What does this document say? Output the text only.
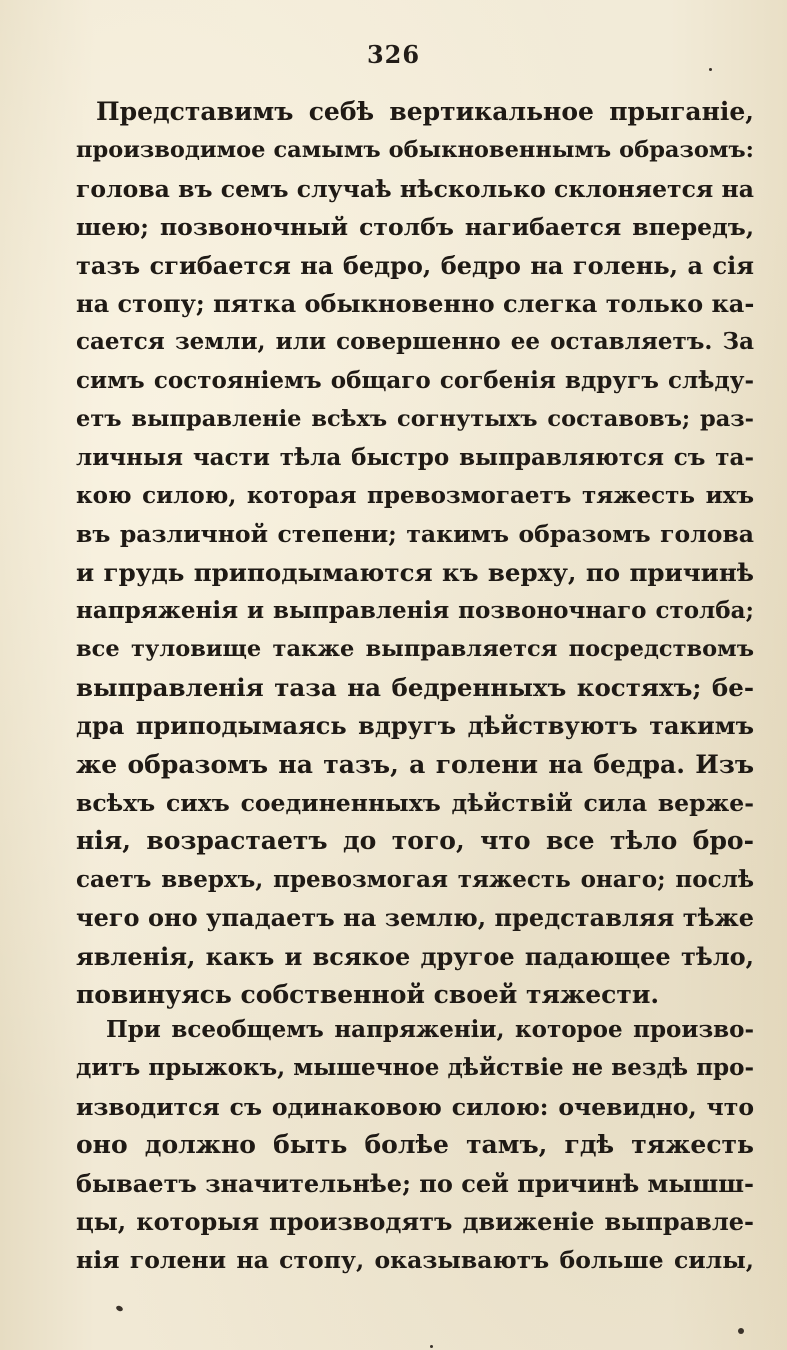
326
Представимъ себѣ вертикальное прыганіе,
производимое самымъ обыкновеннымъ образомъ:
голова въ семъ случаѣ нѣсколько склоняется на
шею; позвоночный столбъ нагибается впередъ,
тазъ сгибается на бедро, бедро на голень, а сія
на стопу; пятка обыкновенно слегка только ка-
сается земли, или совершенно ее оставляетъ. За
симъ состояніемъ общаго согбенія вдругъ слѣду-
етъ выправленіе всѣхъ согнутыхъ составовъ; раз-
личныя части тѣла быстро выправляются съ та-
кою силою, которая превозмогаетъ тяжесть ихъ
въ различной степени; такимъ образомъ голова
и грудь приподымаются къ верху, по причинѣ
напряженія и выправленія позвоночнаго столба;
все туловище также выправляется посредствомъ
выправленія таза на бедренныхъ костяхъ; бе-
дра приподымаясь вдругъ дѣйствуютъ такимъ
же образомъ на тазъ, а голени на бедра. Изъ
всѣхъ сихъ соединенныхъ дѣйствій сила верже-
нія, возрастаетъ до того, что все тѣло бро-
саетъ вверхъ, превозмогая тяжесть онаго; послѣ
чего оно упадаетъ на землю, представляя тѣже
явленія, какъ и всякое другое падающее тѣло,
повинуясь собственной своей тяжести.
При всеобщемъ напряженіи, которое произво-
дитъ прыжокъ, мышечное дѣйствіе не вездѣ про-
изводится съ одинаковою силою: очевидно, что
оно должно быть болѣе тамъ, гдѣ тяжесть
бываетъ значительнѣе; по сей причинѣ мышш-
цы, которыя производятъ движеніе выправле-
нія голени на стопу, оказываютъ больше силы,
